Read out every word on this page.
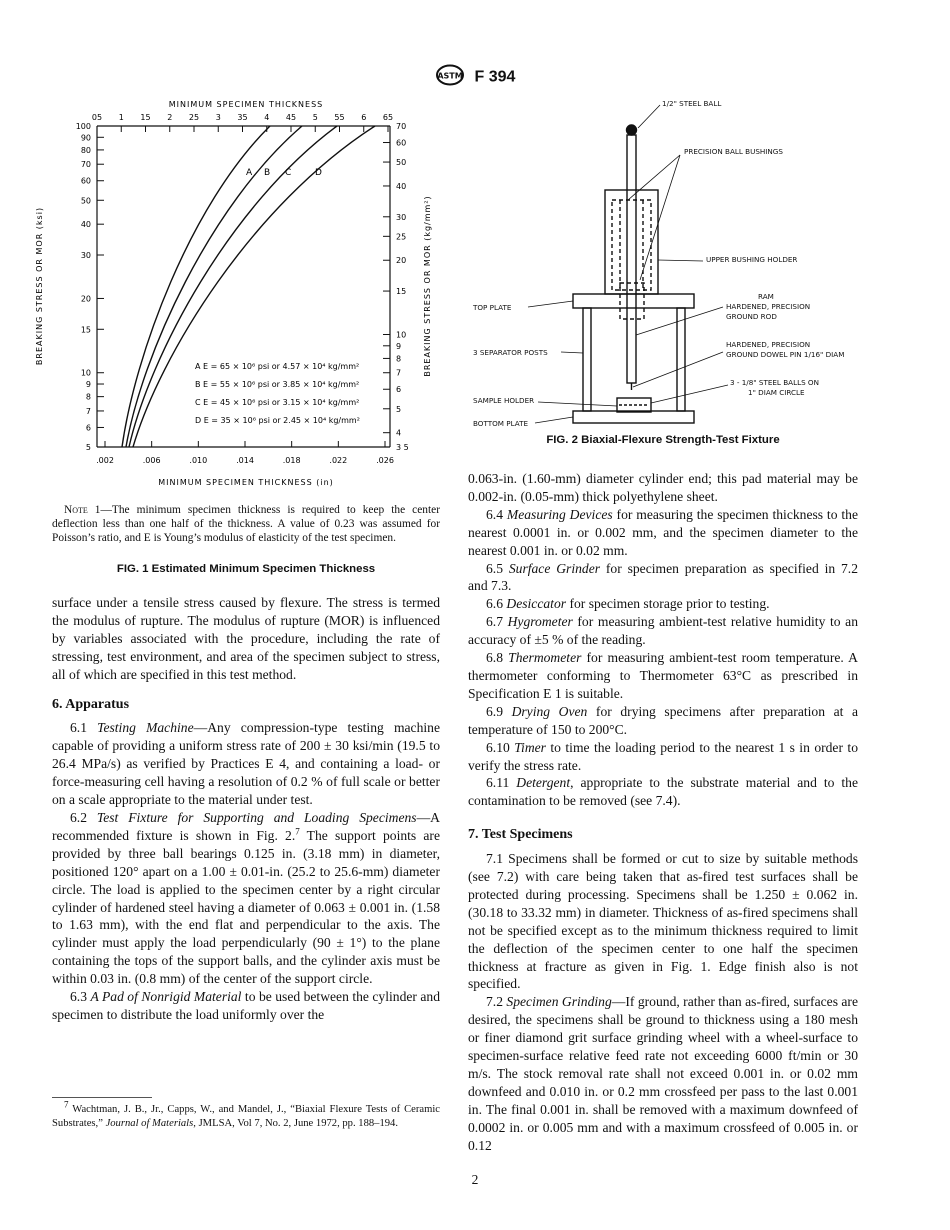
ASTM F 394
MINIMUM SPECIMEN THICKNESS
.002	.006	.010	.014	.018	.022	.026
05 1 15 2 25 3 35 4 45 5 55 6 65
100
90
80
70
60
50
40
30
20
15
10
9
8
7
6
5
70
60
50
40
30
25
20
15
10
9
8
7
6
5
4
3 5
A B C	D
A E = 65 × 10⁶ psi or 4.57 × 10⁴ kg/mm²
B E = 55 × 10⁶ psi or 3.85 × 10⁴ kg/mm²
C E = 45 × 10⁶ psi or 3.15 × 10⁴ kg/mm²
D E = 35 × 10⁶ psi or 2.45 × 10⁴ kg/mm²
BREAKING STRESS OR MOR (ksi)	BREAKING STRESS OR MOR (kg/mm²)
MINIMUM SPECIMEN THICKNESS (in)
Note 1—The minimum specimen thickness is required to keep the center deflection less than one half of the thickness. A value of 0.23 was assumed for Poisson’s ratio, and E is Young’s modulus of elasticity of the test specimen.
FIG. 1 Estimated Minimum Specimen Thickness
1/2" STEEL BALL
PRECISION BALL BUSHINGS
UPPER BUSHING HOLDER
TOP PLATE
RAM
HARDENED, PRECISION
GROUND ROD
3 SEPARATOR POSTS
HARDENED, PRECISION
GROUND DOWEL PIN 1/16" DIAM
SAMPLE HOLDER
3 - 1/8" STEEL BALLS ON
1" DIAM CIRCLE
BOTTOM PLATE
FIG. 2 Biaxial-Flexure Strength-Test Fixture

surface under a tensile stress caused by flexure. The stress is termed the modulus of rupture. The modulus of rupture (MOR) is influenced by variables associated with the procedure, including the rate of stressing, test environment, and area of the specimen subject to stress, all of which are specified in this test method.

6. Apparatus

6.1 Testing Machine—Any compression-type testing machine capable of providing a uniform stress rate of 200 ± 30 ksi/min (19.5 to 26.4 MPa/s) as verified by Practices E 4, and containing a load- or force-measuring cell having a resolution of 0.2 % of full scale or better on a scale appropriate to the material under test.

6.2 Test Fixture for Supporting and Loading Specimens—A recommended fixture is shown in Fig. 2.$^7$ The support points are provided by three ball bearings 0.125 in. (3.18 mm) in diameter, positioned 120° apart on a 1.00 ± 0.01-in. (25.2 to 25.6-mm) diameter circle. The load is applied to the specimen center by a right circular cylinder of hardened steel having a diameter of 0.063 ± 0.001 in. (1.58 to 1.63 mm), with the end flat and perpendicular to the axis. The cylinder must apply the load perpendicularly (90 ± 1°) to the plane containing the tops of the support balls, and the cylinder axis must be within 0.03 in. (0.8 mm) of the center of the support circle.

6.3 A Pad of Nonrigid Material to be used between the cylinder and specimen to distribute the load uniformly over the

$^7$ Wachtman, J. B., Jr., Capps, W., and Mandel, J., “Biaxial Flexure Tests of Ceramic Substrates,” Journal of Materials, JMLSA, Vol 7, No. 2, June 1972, pp. 188–194.

0.063-in. (1.60-mm) diameter cylinder end; this pad material may be 0.002-in. (0.05-mm) thick polyethylene sheet.

6.4 Measuring Devices for measuring the specimen thickness to the nearest 0.0001 in. or 0.002 mm, and the specimen diameter to the nearest 0.001 in. or 0.02 mm.

6.5 Surface Grinder for specimen preparation as specified in 7.2 and 7.3.

6.6 Desiccator for specimen storage prior to testing.

6.7 Hygrometer for measuring ambient-test relative humidity to an accuracy of ±5 % of the reading.

6.8 Thermometer for measuring ambient-test room temperature. A thermometer conforming to Thermometer 63°C as prescribed in Specification E 1 is suitable.

6.9 Drying Oven for drying specimens after preparation at a temperature of 150 to 200°C.

6.10 Timer to time the loading period to the nearest 1 s in order to verify the stress rate.

6.11 Detergent, appropriate to the substrate material and to the contamination to be removed (see 7.4).

7. Test Specimens

7.1 Specimens shall be formed or cut to size by suitable methods (see 7.2) with care being taken that as-fired test surfaces shall be protected during processing. Specimens shall be 1.250 ± 0.062 in. (30.18 to 33.32 mm) in diameter. Thickness of as-fired specimens shall not be specified except as to the minimum thickness required to limit the deflection of the specimen center to one half the specimen thickness at fracture as given in Fig. 1. Edge finish also is not specified.

7.2 Specimen Grinding—If ground, rather than as-fired, surfaces are desired, the specimens shall be ground to thickness using a 180 mesh or finer diamond grit surface grinding wheel with a wheel-surface to specimen-surface relative feed rate not exceeding 6000 ft/min or 30 m/s. The stock removal rate shall not exceed 0.001 in. or 0.02 mm downfeed and 0.010 in. or 0.2 mm crossfeed per pass to the last 0.001 in. The final 0.001 in. shall be removed with a maximum downfeed of 0.0002 in. or 0.005 mm and with a maximum crossfeed of 0.005 in. or 0.12

2
